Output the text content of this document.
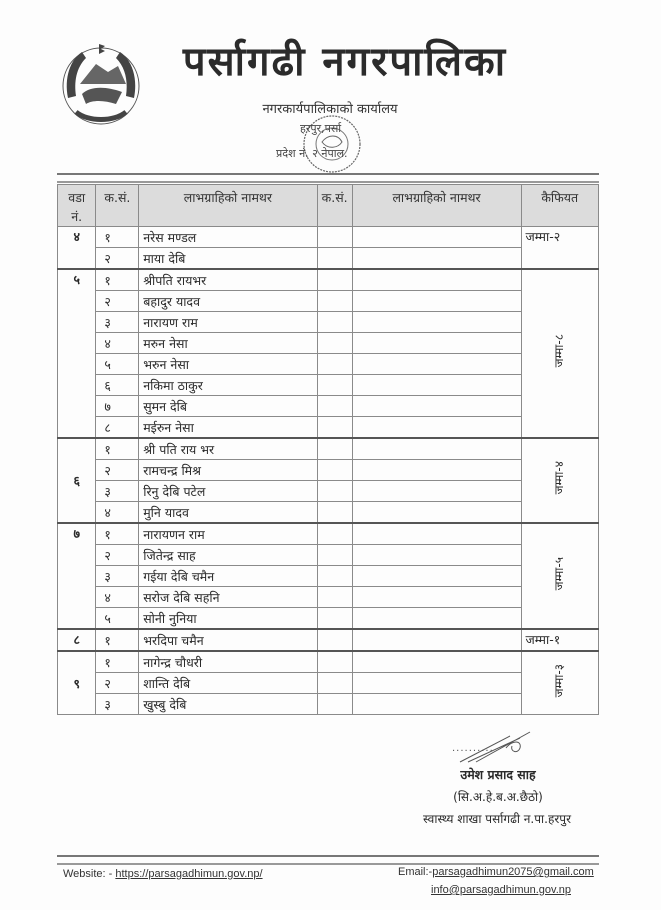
पर्सागढी नगरपालिका
नगरकार्यपालिकाको कार्यालय
हरपुर,पर्सा
प्रदेश नं. २ नेपाल.
वडा नं.	क.सं.	लाभग्राहिको नामथर	क.सं.	लाभग्राहिको नामथर	कैफियत

४	१	नरेस मण्डल			जम्मा-२
	२	माया देबि			
५	१	श्रीपति रायभर			जम्मा-८
	२	बहादुर यादव			
	३	नारायण राम			
	४	मरुन नेसा			
	५	भरुन नेसा			
	६	नकिमा ठाकुर			
	७	सुमन देबि			
	८	मईरुन नेसा			
६	१	श्री पति राय भर			जम्मा-४
	२	रामचन्द्र मिश्र			
	३	रिनु देबि पटेल			
	४	मुनि यादव			
७	१	नारायणन राम			जम्मा-५
	२	जितेन्द्र साह			
	३	गईया देबि चमैन			
	४	सरोज देबि सहनि			
	५	सोनी नुनिया			
८	१	भरदिपा चमैन			जम्मा-१
९	१	नागेन्द्र चौधरी			जम्मा-३
	२	शान्ति देबि			
	३	खुस्बु देबि			
··········
उमेश प्रसाद साह
(सि.अ.हे.ब.अ.छैठो)
स्वास्थ्य शाखा पर्सागढी न.पा.हरपुर
Website: - https://parsagadhimun.gov.np/	Email:-parsagadhimun2075@gmail.com
info@parsagadhimun.gov.np
